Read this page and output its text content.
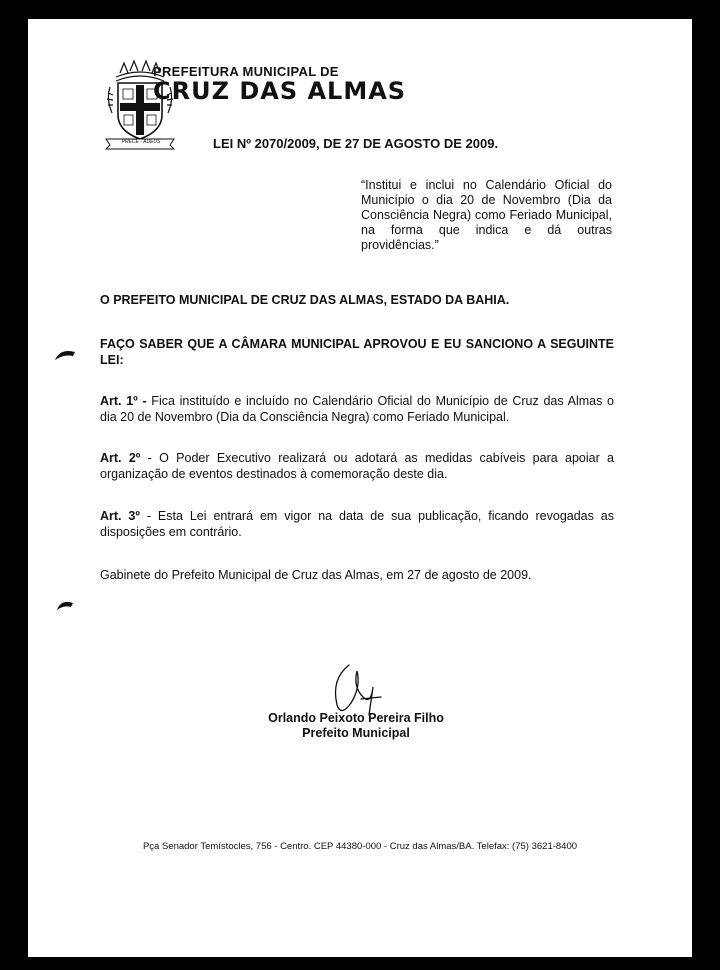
PRECE · ADEUS
PREFEITURA MUNICIPAL DE
CRUZ DAS ALMAS
LEI Nº 2070/2009, DE 27 DE AGOSTO DE 2009.
“Institui e inclui no Calendário Oficial do Município o dia 20 de Novembro (Dia da Consciência Negra) como Feriado Municipal, na forma que indica e dá outras providências.”
O PREFEITO MUNICIPAL DE CRUZ DAS ALMAS, ESTADO DA BAHIA.
FAÇO SABER QUE A CÂMARA MUNICIPAL APROVOU E EU SANCIONO A SEGUINTE LEI:
Art. 1º - Fica instituído e incluído no Calendário Oficial do Município de Cruz das Almas o dia 20 de Novembro (Dia da Consciência Negra) como Feriado Municipal.
Art. 2º - O Poder Executivo realizará ou adotará as medidas cabíveis para apoiar a organização de eventos destinados à comemoração deste dia.
Art. 3º - Esta Lei entrará em vigor na data de sua publicação, ficando revogadas as disposições em contrário.
Gabinete do Prefeito Municipal de Cruz das Almas, em 27 de agosto de 2009.
Orlando Peixoto Pereira Filho
Prefeito Municipal
Pça Senador Temístocles, 756 - Centro. CEP 44380-000 - Cruz das Almas/BA. Telefax: (75) 3621-8400
